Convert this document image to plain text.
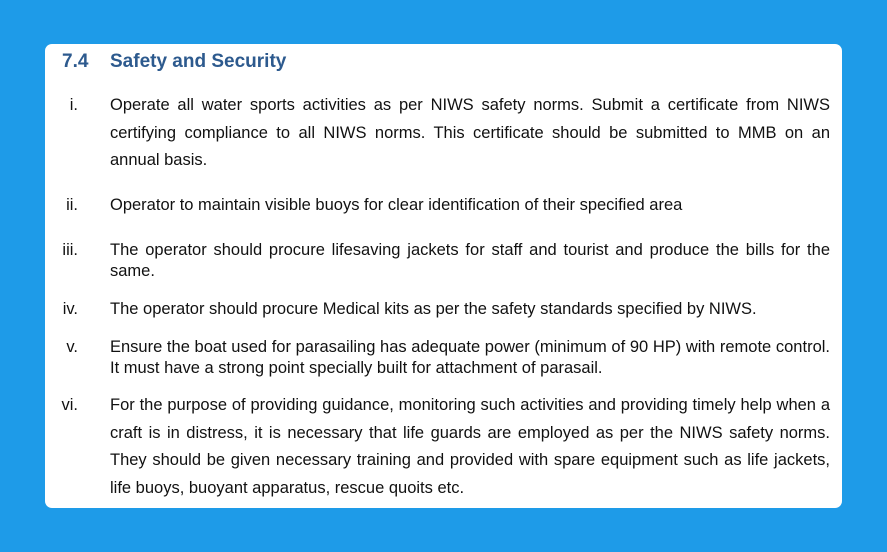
7.4 Safety and Security
i. Operate all water sports activities as per NIWS safety norms. Submit a certificate from NIWS certifying compliance to all NIWS norms. This certificate should be submitted to MMB on an annual basis.
ii. Operator to maintain visible buoys for clear identification of their specified area
iii. The operator should procure lifesaving jackets for staff and tourist and produce the bills for the same.
iv. The operator should procure Medical kits as per the safety standards specified by NIWS.
v. Ensure the boat used for parasailing has adequate power (minimum of 90 HP) with remote control. It must have a strong point specially built for attachment of parasail.
vi. For the purpose of providing guidance, monitoring such activities and providing timely help when a craft is in distress, it is necessary that life guards are employed as per the NIWS safety norms. They should be given necessary training and provided with spare equipment such as life jackets, life buoys, buoyant apparatus, rescue quoits etc.
